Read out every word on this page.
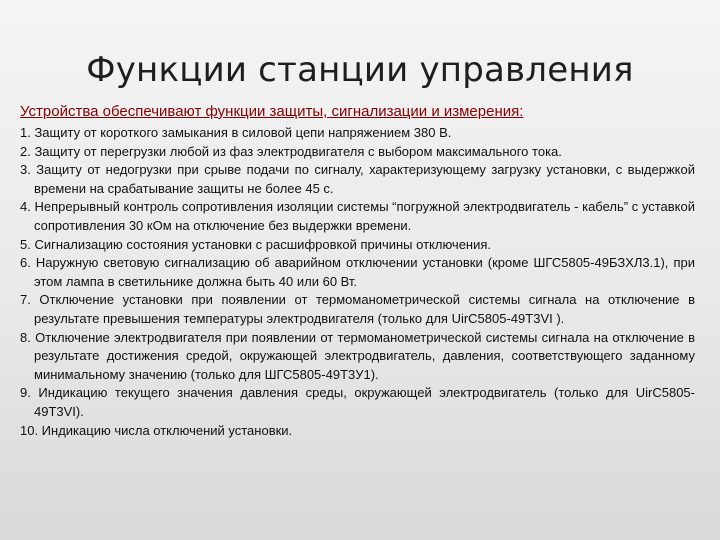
Функции станции управления
Устройства обеспечивают функции защиты, сигнализации и измерения:
1. Защиту от короткого замыкания в силовой цепи напряжением 380 В.
2. Защиту от перегрузки любой из фаз электродвигателя с выбором максимального тока.
3. Защиту от недогрузки при срыве подачи по сигналу, характеризующему загрузку установки, с выдержкой времени на срабатывание защиты не более 45 с.
4. Непрерывный контроль сопротивления изоляции системы “погружной электродвигатель - кабель” с уставкой сопротивления 30 кОм на отключение без выдержки времени.
5. Сигнализацию состояния установки с расшифровкой причины отключения.
6. Наружную световую сигнализацию об аварийном отключении установки (кроме ШГС5805-49БЗХЛ3.1), при этом лампа в светильнике должна быть 40 или 60 Вт.
7. Отключение установки при появлении от термоманометрической системы сигнала на отключение в результате превышения температуры электродвигателя (только для UirC5805-49T3VI ).
8. Отключение электродвигателя при появлении от термоманометрической системы сигнала на отключение в результате достижения средой, окружающей электродвигатель, давления, соответствующего заданному минимальному значению (только для ШГС5805-49Т3У1).
9. Индикацию текущего значения давления среды, окружающей электродвигатель (только для UirC5805-49T3VI).
10. Индикацию числа отключений установки.
